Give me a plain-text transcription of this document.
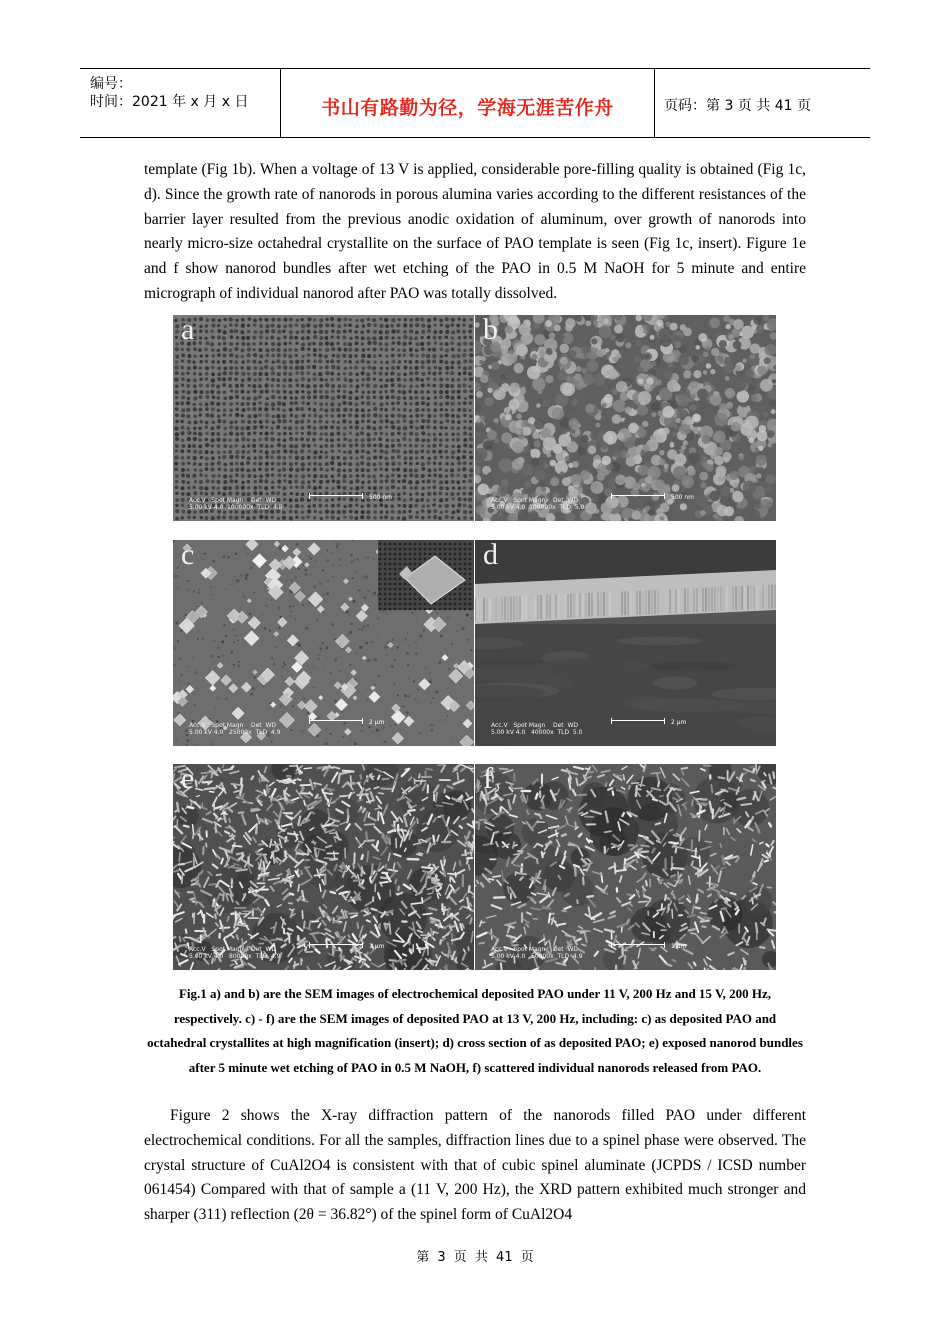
编号：
时间：2021 年 x 月 x 日	书山有路勤为径，学海无涯苦作舟	页码：第 3 页 共 41 页
template (Fig 1b). When a voltage of 13 V is applied, considerable pore-filling quality is obtained (Fig 1c, d). Since the growth rate of nanorods in porous alumina varies according to the different resistances of the barrier layer resulted from the previous anodic oxidation of aluminum, over growth of nanorods into nearly micro-size octahedral crystallite on the surface of PAO template is seen (Fig 1c, insert). Figure 1e and f show nanorod bundles after wet etching of the PAO in 0.5 M NaOH for 5 minute and entire micrograph of individual nanorod after PAO was totally dissolved.
a
Acc.V   Spot Magn    Det  WD
5.00 kV 4.0  100000x  TLD  4.8
500 nm
b
Acc.V   Spot Magn    Det  WD
5.00 kV 4.0  100000x  TLD  5.0
500 nm
c
Acc.V   Spot Magn    Det  WD
5.00 kV 4.0   25000x  TLD  4.9
2 μm
d
Acc.V   Spot Magn    Det  WD
5.00 kV 4.0   40000x  TLD  5.0
2 μm
e
Acc.V   Spot Magn    Det  WD
5.00 kV 4.0   80000x  TLD  4.9
1 μm
f
Acc.V   Spot Magn    Det  WD
5.00 kV 4.0   50000x  TLD  4.9
1 μm
Fig.1 a) and b) are the SEM images of electrochemical deposited PAO under 11 V, 200 Hz and 15 V, 200 Hz, respectively. c) - f) are the SEM images of deposited PAO at 13 V, 200 Hz, including: c) as deposited PAO and octahedral crystallites at high magnification (insert); d) cross section of as deposited PAO; e) exposed nanorod bundles after 5 minute wet etching of PAO in 0.5 M NaOH, f) scattered individual nanorods released from PAO.
Figure 2 shows the X-ray diffraction pattern of the nanorods filled PAO under different electrochemical conditions. For all the samples, diffraction lines due to a spinel phase were observed. The crystal structure of CuAl2O4 is consistent with that of cubic spinel aluminate (JCPDS / ICSD number 061454) Compared with that of sample a (11 V, 200 Hz), the XRD pattern exhibited much stronger and sharper (311) reflection (2θ = 36.82°) of the spinel form of CuAl2O4
第 3 页 共 41 页
